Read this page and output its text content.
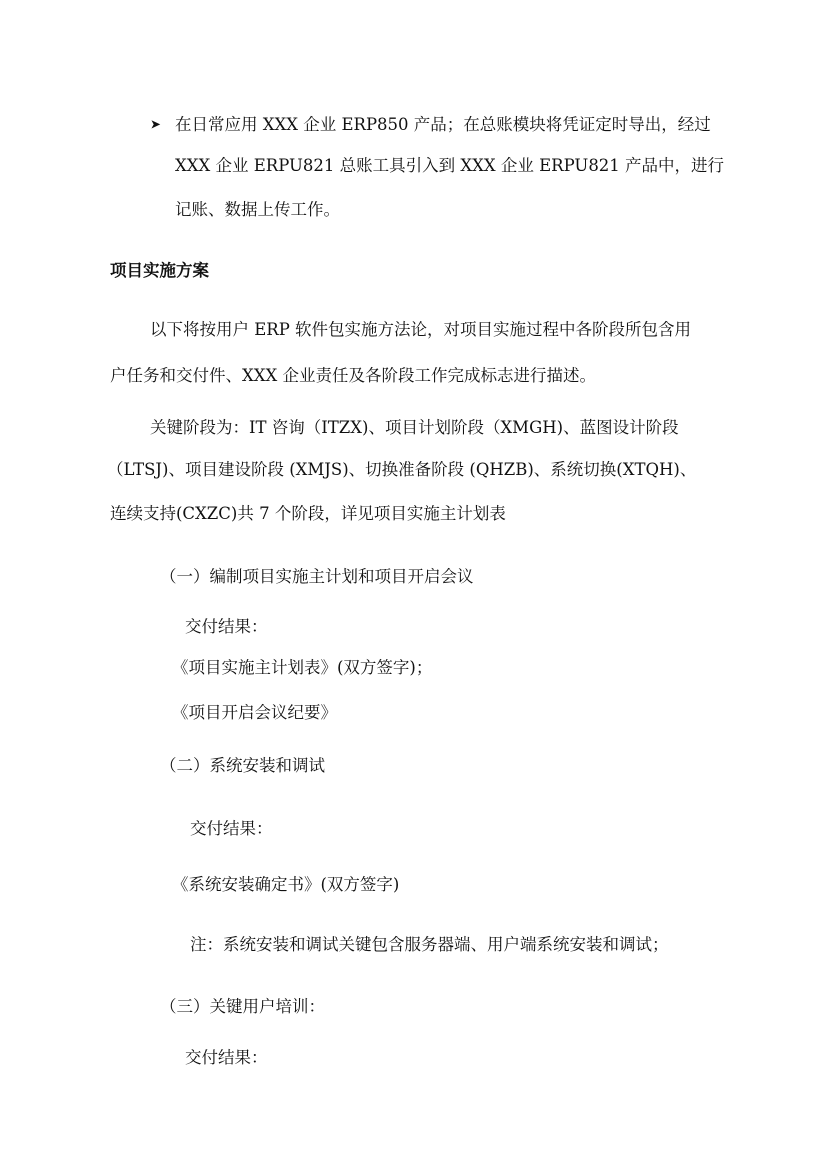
➤ 在日常应用 XXX 企业 ERP850 产品；在总账模块将凭证定时导出，经过
XXX 企业 ERPU821 总账工具引入到 XXX 企业 ERPU821 产品中，进行
记账、数据上传工作。
项目实施方案
以下将按用户 ERP 软件包实施方法论，对项目实施过程中各阶段所包含用
户任务和交付件、XXX 企业责任及各阶段工作完成标志进行描述。
关键阶段为：IT 咨询（ITZX)、项目计划阶段（XMGH)、蓝图设计阶段
（LTSJ)、项目建设阶段 (XMJS)、切换准备阶段 (QHZB)、系统切换(XTQH)、
连续支持(CXZC)共 7 个阶段，详见项目实施主计划表
（一）编制项目实施主计划和项目开启会议
交付结果：
《项目实施主计划表》(双方签字)；
《项目开启会议纪要》
（二）系统安装和调试
交付结果：
《系统安装确定书》(双方签字)
注：系统安装和调试关键包含服务器端、用户端系统安装和调试；
（三）关键用户培训：
交付结果：
